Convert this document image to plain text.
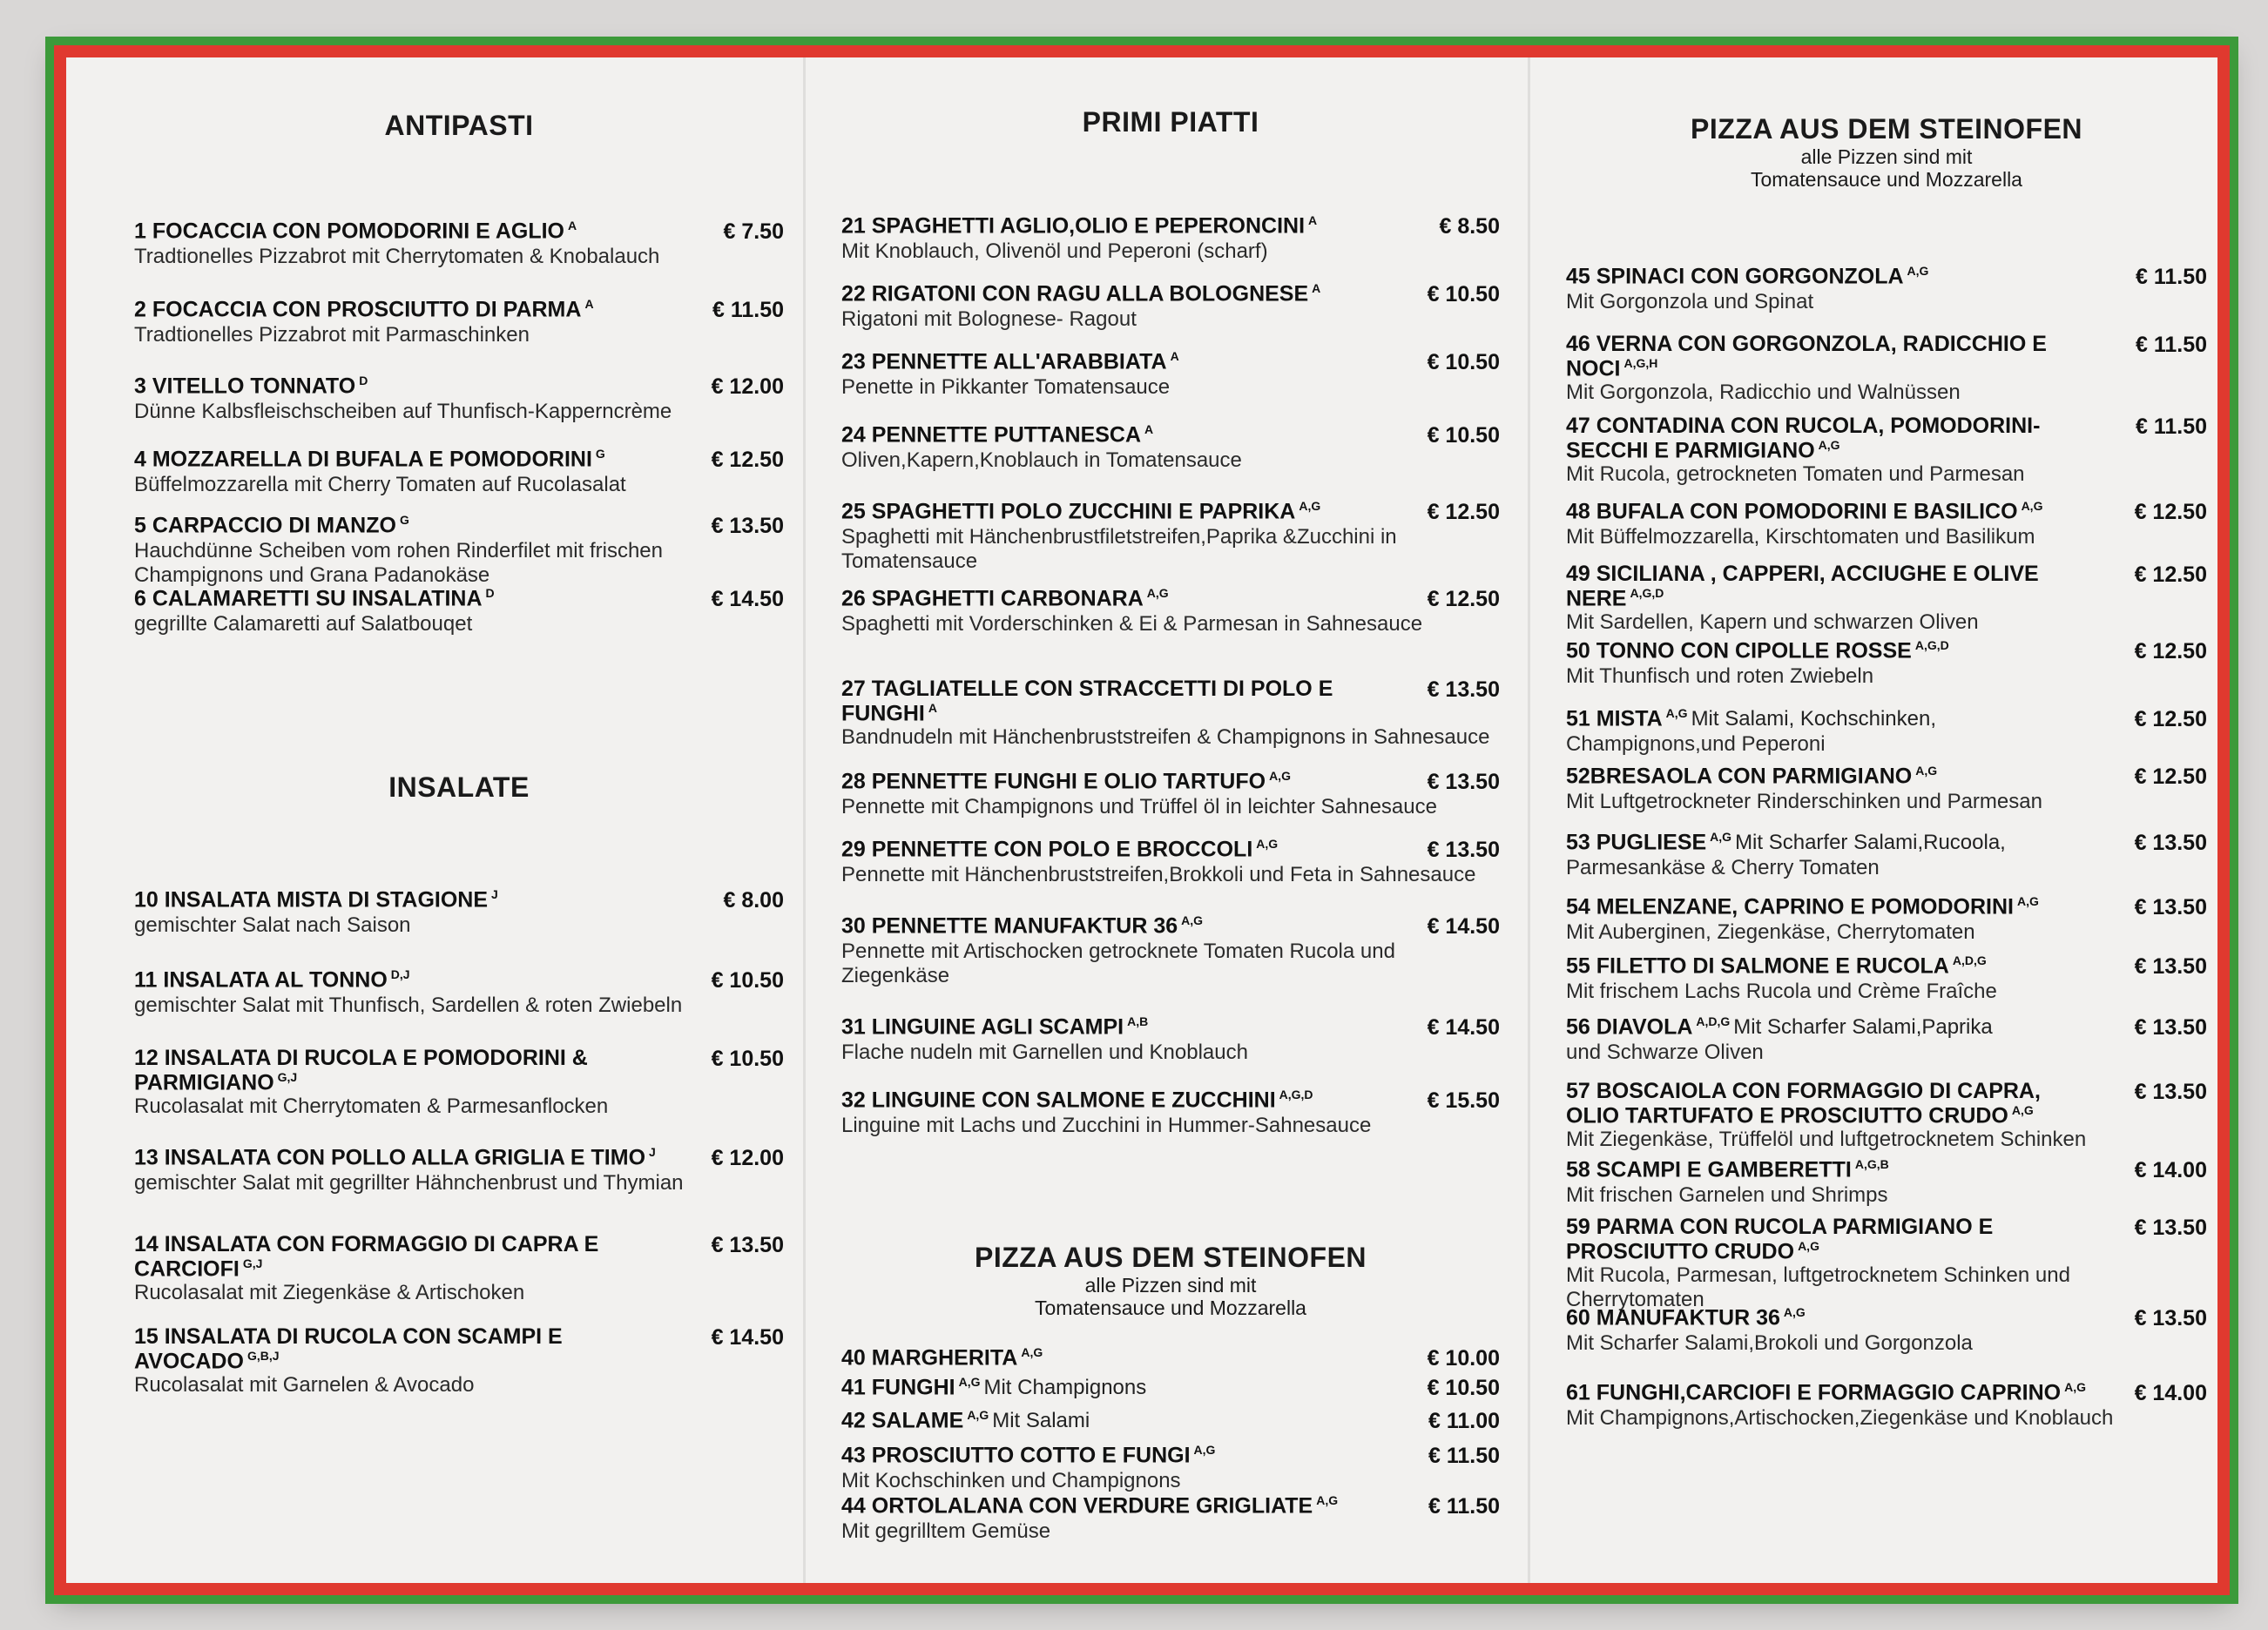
ANTIPASTI
1 FOCACCIA CON POMODORINI E AGLIO $^A$	€ 7.50
Tradtionelles Pizzabrot mit Cherrytomaten & Knobalauch
2 FOCACCIA CON PROSCIUTTO DI PARMA $^A$	€ 11.50
Tradtionelles Pizzabrot mit Parmaschinken
3 VITELLO TONNATO $^D$	€ 12.00
Dünne Kalbsfleischscheiben auf Thunfisch-Kapperncrème
4 MOZZARELLA DI BUFALA E POMODORINI $^G$	€ 12.50
Büffelmozzarella mit Cherry Tomaten auf Rucolasalat
5 CARPACCIO DI MANZO $^G$	€ 13.50
Hauchdünne Scheiben vom rohen Rinderfilet mit frischen Champignons und Grana Padanokäse
6 CALAMARETTI SU INSALATINA $^D$	€ 14.50
gegrillte Calamaretti auf Salatbouqet
INSALATE
10 INSALATA MISTA DI STAGIONE $^J$	€ 8.00
gemischter Salat nach Saison
11 INSALATA AL TONNO $^{D,J}$	€ 10.50
gemischter Salat mit Thunfisch, Sardellen & roten Zwiebeln
12 INSALATA DI RUCOLA E POMODORINI & PARMIGIANO $^{G,J}$
€ 10.50
Rucolasalat mit Cherrytomaten & Parmesanflocken
13 INSALATA CON POLLO ALLA GRIGLIA E TIMO $^J$	€ 12.00
gemischter Salat mit gegrillter Hähnchenbrust und Thymian
14 INSALATA CON FORMAGGIO DI CAPRA E CARCIOFI $^{G,J}$
€ 13.50
Rucolasalat mit Ziegenkäse & Artischoken
15 INSALATA DI RUCOLA CON SCAMPI E AVOCADO $^{G,B,J}$
€ 14.50
Rucolasalat mit Garnelen & Avocado
PRIMI PIATTI
21 SPAGHETTI AGLIO,OLIO E PEPERONCINI $^A$	€ 8.50
Mit Knoblauch, Olivenöl und Peperoni (scharf)
22 RIGATONI CON RAGU ALLA BOLOGNESE $^A$	€ 10.50
Rigatoni mit Bolognese- Ragout
23 PENNETTE ALL'ARABBIATA $^A$	€ 10.50
Penette in Pikkanter Tomatensauce
24 PENNETTE PUTTANESCA $^A$	€ 10.50
Oliven,Kapern,Knoblauch in Tomatensauce
25 SPAGHETTI POLO ZUCCHINI E PAPRIKA $^{A,G}$	€ 12.50
Spaghetti mit Hänchenbrustfiletstreifen,Paprika &Zucchini in Tomatensauce
26 SPAGHETTI CARBONARA $^{A,G}$	€ 12.50
Spaghetti mit Vorderschinken & Ei & Parmesan in Sahnesauce
27 TAGLIATELLE CON STRACCETTI DI POLO E FUNGHI $^A$
€ 13.50
Bandnudeln mit Hänchenbruststreifen & Champignons in Sahnesauce
28 PENNETTE FUNGHI E OLIO TARTUFO $^{A,G}$	€ 13.50
Pennette mit Champignons und Trüffel öl in leichter Sahnesauce
29 PENNETTE CON POLO E BROCCOLI $^{A,G}$	€ 13.50
Pennette mit Hänchenbruststreifen,Brokkoli und Feta in Sahnesauce
30 PENNETTE MANUFAKTUR 36 $^{A,G}$	€ 14.50
Pennette mit Artischocken getrocknete Tomaten Rucola und Ziegenkäse
31 LINGUINE AGLI SCAMPI $^{A,B}$	€ 14.50
Flache nudeln mit Garnellen und Knoblauch
32 LINGUINE CON SALMONE E ZUCCHINI $^{A,G,D}$	€ 15.50
Linguine mit Lachs und Zucchini in Hummer-Sahnesauce
PIZZA AUS DEM STEINOFEN
alle Pizzen sind mit
Tomatensauce und Mozzarella
40 MARGHERITA $^{A,G}$	€ 10.00
41 FUNGHI $^{A,G}$ Mit Champignons	€ 10.50
42 SALAME $^{A,G}$ Mit Salami	€ 11.00
43 PROSCIUTTO COTTO E FUNGI $^{A,G}$	€ 11.50
Mit Kochschinken und Champignons
44 ORTOLALANA CON VERDURE GRIGLIATE $^{A,G}$	€ 11.50
Mit gegrilltem Gemüse
PIZZA AUS DEM STEINOFEN
alle Pizzen sind mit
Tomatensauce und Mozzarella
45 SPINACI CON GORGONZOLA $^{A,G}$	€ 11.50
Mit Gorgonzola und Spinat
46 VERNA CON GORGONZOLA, RADICCHIO E NOCI $^{A,G,H}$
€ 11.50
Mit Gorgonzola, Radicchio und Walnüssen
47 CONTADINA CON RUCOLA, POMODORINI-SECCHI E PARMIGIANO $^{A,G}$
€ 11.50
Mit Rucola, getrockneten Tomaten und Parmesan
48 BUFALA CON POMODORINI E BASILICO $^{A,G}$	€ 12.50
Mit Büffelmozzarella, Kirschtomaten und Basilikum
49 SICILIANA , CAPPERI, ACCIUGHE E OLIVE NERE $^{A,G,D}$
€ 12.50
Mit Sardellen, Kapern und schwarzen Oliven
50 TONNO CON CIPOLLE ROSSE $^{A,G,D}$	€ 12.50
Mit Thunfisch und roten Zwiebeln
51 MISTA $^{A,G}$ Mit Salami, Kochschinken,	€ 12.50
Champignons,und Peperoni
52BRESAOLA CON PARMIGIANO $^{A,G}$	€ 12.50
Mit Luftgetrockneter Rinderschinken und Parmesan
53 PUGLIESE $^{A,G}$ Mit Scharfer Salami,Rucoola,	€ 13.50
Parmesankäse & Cherry Tomaten
54 MELENZANE, CAPRINO E POMODORINI $^{A,G}$	€ 13.50
Mit Auberginen, Ziegenkäse, Cherrytomaten
55 FILETTO DI SALMONE E RUCOLA $^{A,D,G}$	€ 13.50
Mit frischem Lachs Rucola und Crème Fraîche
56 DIAVOLA $^{A,D,G}$ Mit Scharfer Salami,Paprika	€ 13.50
und Schwarze Oliven
57 BOSCAIOLA CON FORMAGGIO DI CAPRA, OLIO TARTUFATO E PROSCIUTTO CRUDO $^{A,G}$
€ 13.50
Mit Ziegenkäse, Trüffelöl und luftgetrocknetem Schinken
58 SCAMPI E GAMBERETTI $^{A,G,B}$	€ 14.00
Mit frischen Garnelen und Shrimps
59 PARMA CON RUCOLA PARMIGIANO E PROSCIUTTO CRUDO $^{A,G}$
€ 13.50
Mit Rucola, Parmesan, luftgetrocknetem Schinken und Cherrytomaten
60 MANUFAKTUR 36 $^{A,G}$	€ 13.50
Mit Scharfer Salami,Brokoli und Gorgonzola
61 FUNGHI,CARCIOFI E FORMAGGIO CAPRINO $^{A,G}$ € 14.00
Mit Champignons,Artischocken,Ziegenkäse und Knoblauch
